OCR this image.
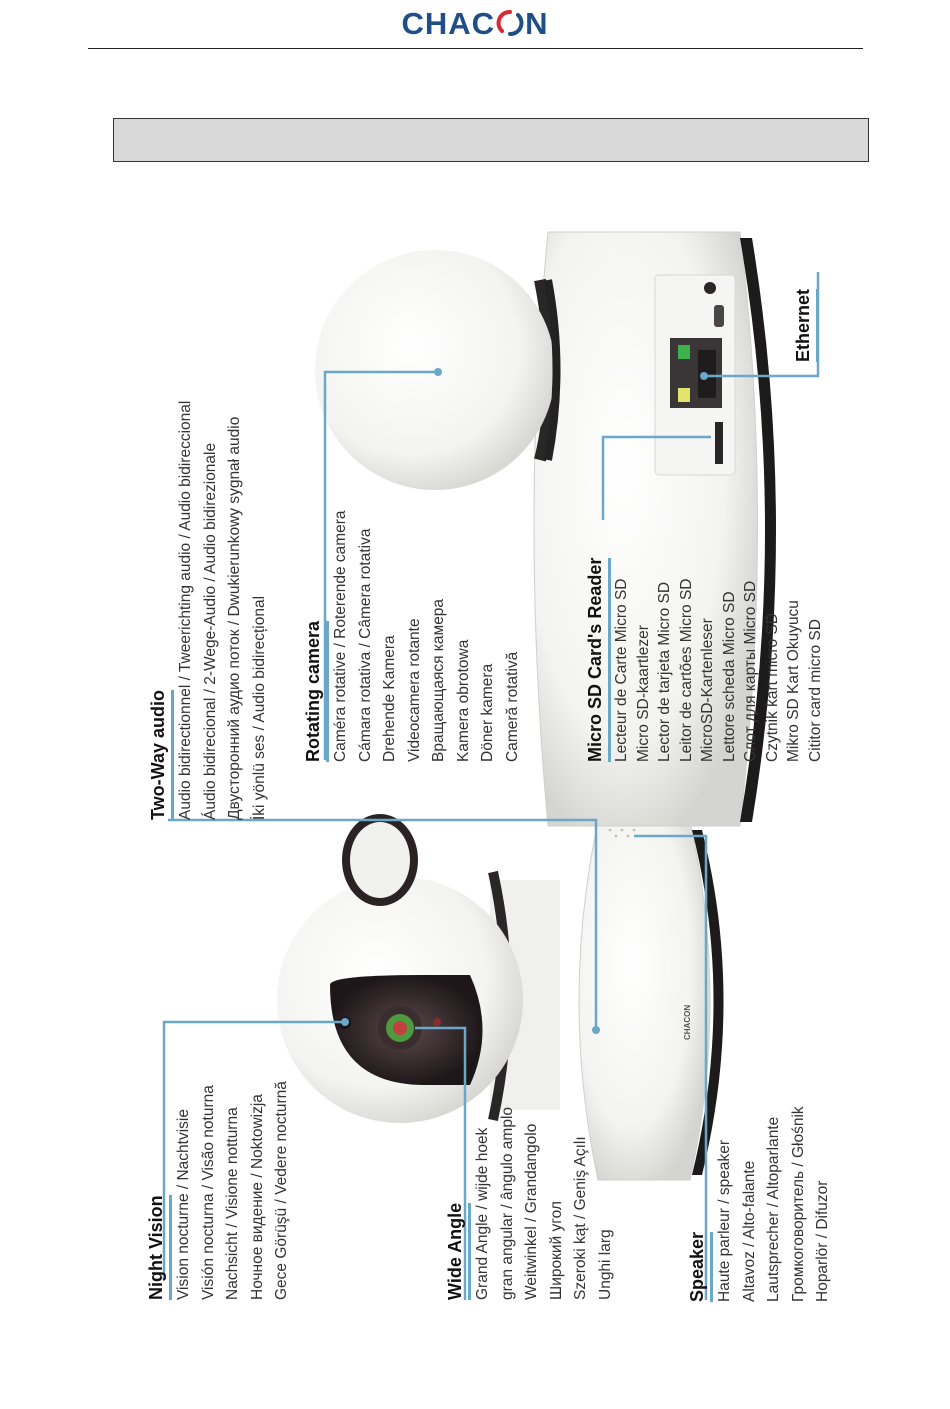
CHAC N
CHACON
Night Vision Vision nocturne / Nachtvisie Visión nocturna / Visão noturna Nachsicht / Visione notturna Ночное видение / Noktowizja Gece Görüşü / Vedere nocturnă	Wide Angle Grand Angle / wijde hoek gran angular / ângulo amplo Weitwinkel / Grandangolo Широкий угол Szeroki kąt / Geniş Açılı Unghi larg	Speaker Haute parleur / speaker Altavoz / Alto-falante Lautsprecher / Altoparlante Громкоговоритель / Głośnik Hoparlör / Difuzor
Two-Way audio Audio bidirectionnel / Tweerichting audio / Audio bidireccional Áudio bidirecional / 2-Wege-Audio / Audio bidirezionale Двусторонний аудио поток / Dwukierunkowy sygnał audio İki yönlü ses / Audio bidirecțional Rotating camera Caméra rotative / Roterende camera Cámara rotativa / Câmera rotativa Drehende Kamera Videocamera rotante Вращающаяся камера Kamera obrotowa Döner kamera Cameră rotativă	Micro SD Card's Reader Lecteur de Carte Micro SD Micro SD-kaartlezer Lector de tarjeta Micro SD Leitor de cartões Micro SD MicroSD-Kartenleser Lettore scheda Micro SD Слот для карты Micro SD Czytnik kart micro SD Mikro SD Kart Okuyucu Cititor card micro SD
Ethernet
